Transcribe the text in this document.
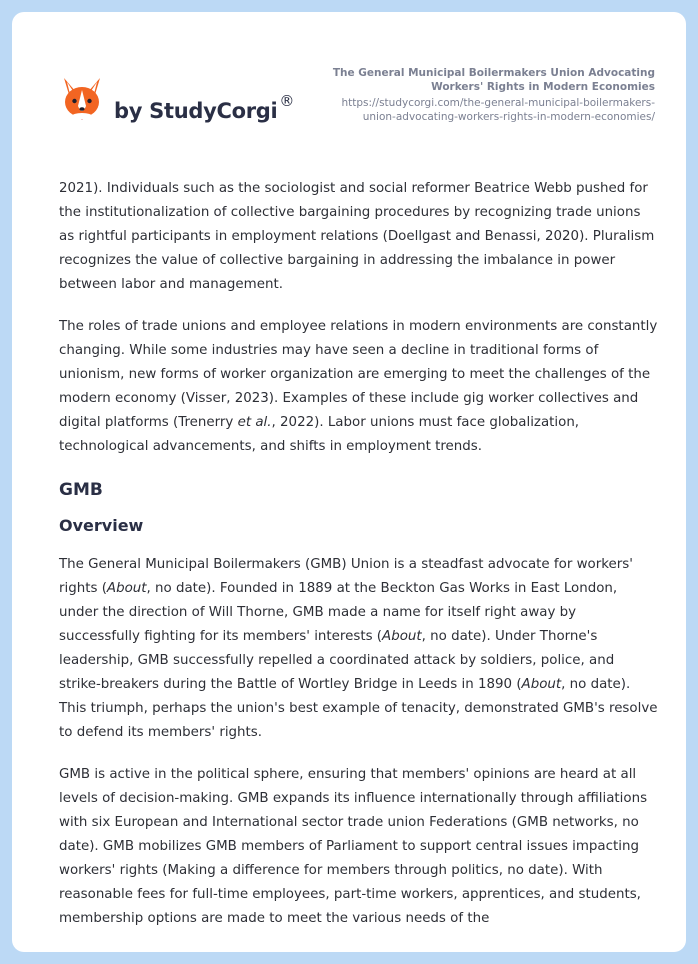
by StudyCorgi ®
The General Municipal Boilermakers Union Advocating
Workers' Rights in Modern Economies
https://studycorgi.com/the-general-municipal-boilermakers-
union-advocating-workers-rights-in-modern-economies/

2021). Individuals such as the sociologist and social reformer Beatrice Webb pushed for the institutionalization of collective bargaining procedures by recognizing trade unions as rightful participants in employment relations (Doellgast and Benassi, 2020). Pluralism recognizes the value of collective bargaining in addressing the imbalance in power between labor and management.

The roles of trade unions and employee relations in modern environments are constantly changing. While some industries may have seen a decline in traditional forms of unionism, new forms of worker organization are emerging to meet the challenges of the modern economy (Visser, 2023). Examples of these include gig worker collectives and digital platforms (Trenerry et al., 2022). Labor unions must face globalization, technological advancements, and shifts in employment trends.

GMB
Overview

The General Municipal Boilermakers (GMB) Union is a steadfast advocate for workers' rights (About, no date). Founded in 1889 at the Beckton Gas Works in East London, under the direction of Will Thorne, GMB made a name for itself right away by successfully fighting for its members' interests (About, no date). Under Thorne's leadership, GMB successfully repelled a coordinated attack by soldiers, police, and strike-breakers during the Battle of Wortley Bridge in Leeds in 1890 (About, no date). This triumph, perhaps the union's best example of tenacity, demonstrated GMB's resolve to defend its members' rights.

GMB is active in the political sphere, ensuring that members' opinions are heard at all levels of decision-making. GMB expands its influence internationally through affiliations with six European and International sector trade union Federations (GMB networks, no date). GMB mobilizes GMB members of Parliament to support central issues impacting workers' rights (Making a difference for members through politics, no date). With reasonable fees for full-time employees, part-time workers, apprentices, and students, membership options are made to meet the various needs of the
